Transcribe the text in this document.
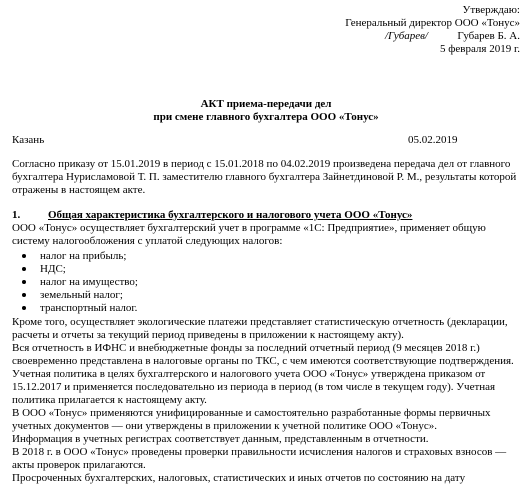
Утверждаю:
Генеральный директор ООО «Тонус»
/Губарев/	Губарев Б. А.
5 февраля 2019 г.
АКТ приема-передачи дел
при смене главного бухгалтера ООО «Тонус»
Казань	05.02.2019
Согласно приказу от 15.01.2019 в период с 15.01.2018 по 04.02.2019 произведена передача дел от главного
бухгалтера Нурисламовой Т. П. заместителю главного бухгалтера Зайнетдиновой Р. М., результаты которой
отражены в настоящем акте.
1.	Общая характеристика бухгалтерского и налогового учета ООО «Тонус»
ООО «Тонус» осуществляет бухгалтерский учет в программе «1С: Предприятие», применяет общую
систему налогообложения с уплатой следующих налогов:
налог на прибыль;
НДС;
налог на имущество;
земельный налог;
транспортный налог.
Кроме того, осуществляет экологические платежи представляет статистическую отчетность (декларации,
расчеты и отчеты за текущий период приведены в приложении к настоящему акту).
Вся отчетность в ИФНС и внебюджетные фонды за последний отчетный период (9 месяцев 2018 г.)
своевременно представлена в налоговые органы по ТКС, с чем имеются соответствующие подтверждения.
Учетная политика в целях бухгалтерского и налогового учета ООО «Тонус» утверждена приказом от
15.12.2017 и применяется последовательно из периода в период (в том числе в текущем году). Учетная
политика прилагается к настоящему акту.
В ООО «Тонус» применяются унифицированные и самостоятельно разработанные формы первичных
учетных документов — они утверждены в приложении к учетной политике ООО «Тонус».
Информация в учетных регистрах соответствует данным, представленным в отчетности.
В 2018 г. в ООО «Тонус» проведены проверки правильности исчисления налогов и страховых взносов —
акты проверок прилагаются.
Просроченных бухгалтерских, налоговых, статистических и иных отчетов по состоянию на дату
